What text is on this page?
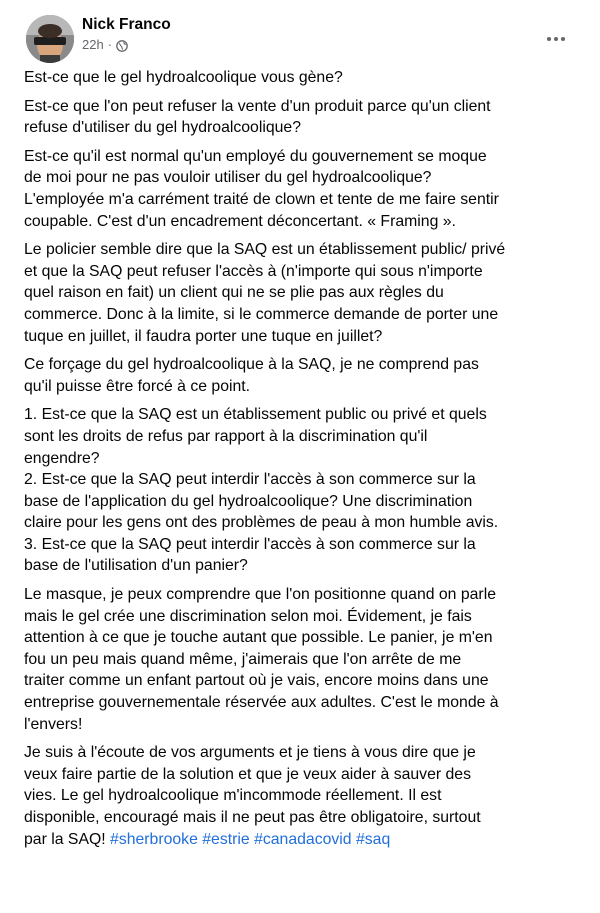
Nick Franco
22h ·
Est-ce que le gel hydroalcoolique vous gène?
Est-ce que l'on peut refuser la vente d'un produit parce qu'un client
refuse d'utiliser du gel hydroalcoolique?
Est-ce qu'il est normal qu'un employé du gouvernement se moque
de moi pour ne pas vouloir utiliser du gel hydroalcoolique?
L'employée m'a carrément traité de clown et tente de me faire sentir
coupable. C'est d'un encadrement déconcertant. « Framing ».
Le policier semble dire que la SAQ est un établissement public/ privé
et que la SAQ peut refuser l'accès à (n'importe qui sous n'importe
quel raison en fait) un client qui ne se plie pas aux règles du
commerce. Donc à la limite, si le commerce demande de porter une
tuque en juillet, il faudra porter une tuque en juillet?
Ce forçage du gel hydroalcoolique à la SAQ, je ne comprend pas
qu'il puisse être forcé à ce point.
1. Est-ce que la SAQ est un établissement public ou privé et quels
sont les droits de refus par rapport à la discrimination qu'il
engendre?
2. Est-ce que la SAQ peut interdir l'accès à son commerce sur la
base de l'application du gel hydroalcoolique? Une discrimination
claire pour les gens ont des problèmes de peau à mon humble avis.
3. Est-ce que la SAQ peut interdir l'accès à son commerce sur la
base de l'utilisation d'un panier?
Le masque, je peux comprendre que l'on positionne quand on parle
mais le gel crée une discrimination selon moi. Évidement, je fais
attention à ce que je touche autant que possible. Le panier, je m'en
fou un peu mais quand même, j'aimerais que l'on arrête de me
traiter comme un enfant partout où je vais, encore moins dans une
entreprise gouvernementale réservée aux adultes. C'est le monde à
l'envers!
Je suis à l'écoute de vos arguments et je tiens à vous dire que je
veux faire partie de la solution et que je veux aider à sauver des
vies. Le gel hydroalcoolique m'incommode réellement. Il est
disponible, encouragé mais il ne peut pas être obligatoire, surtout
par la SAQ! #sherbrooke #estrie #canadacovid #saq
